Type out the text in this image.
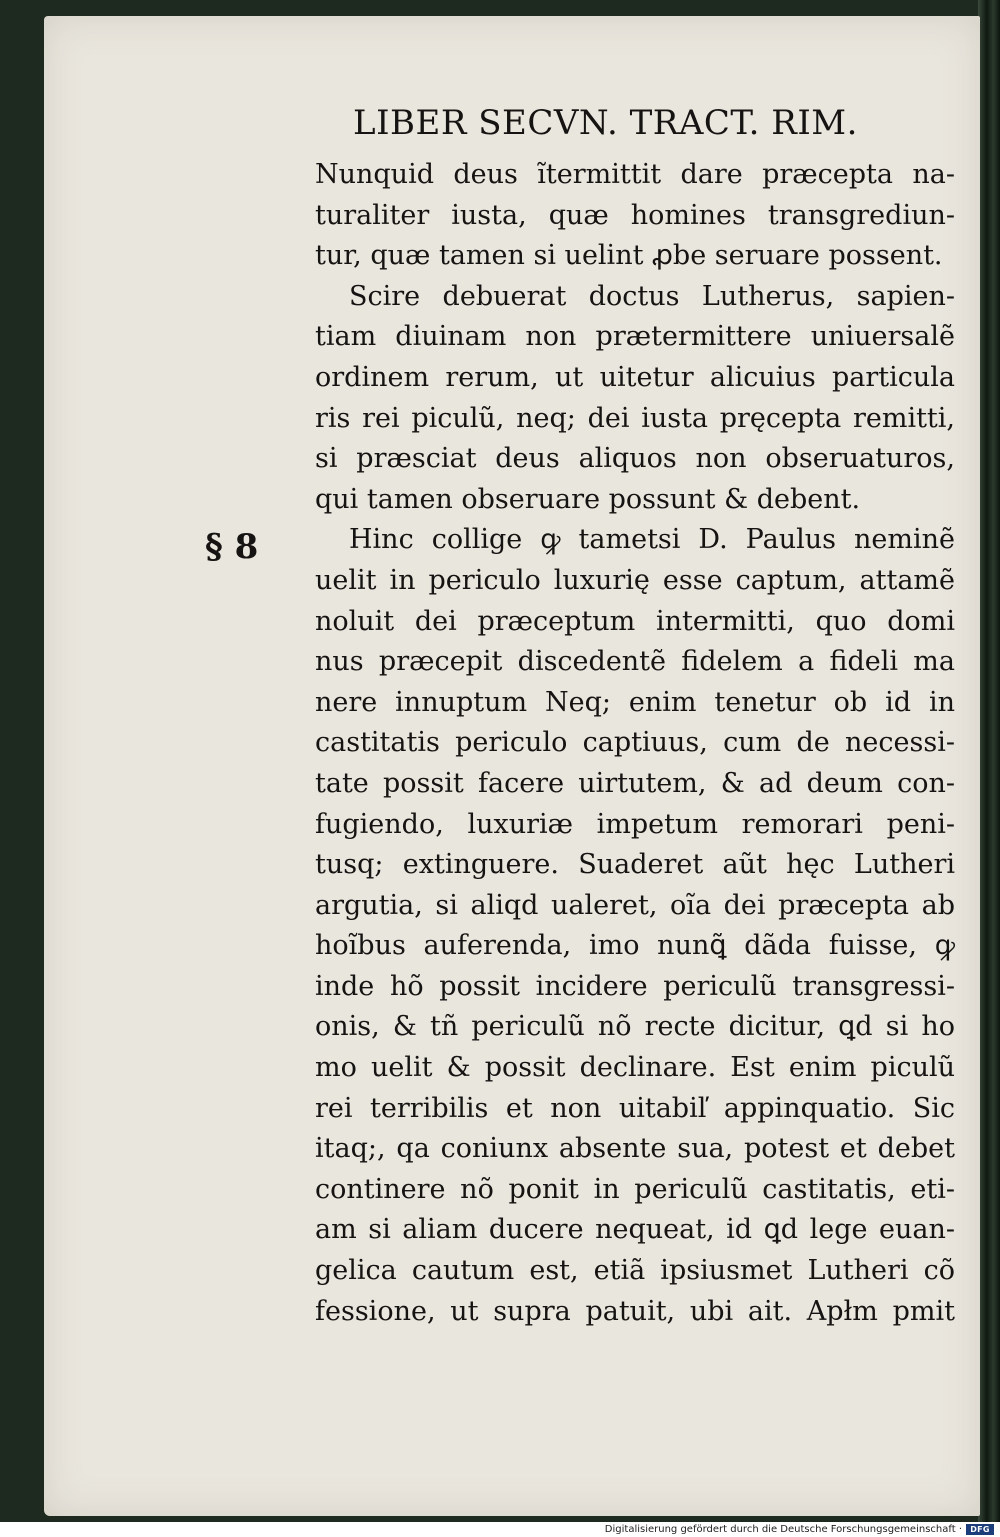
LIBER SECVN. TRACT. RIM.
§ 8
Nunquid deus ĩtermittit dare præcepta na-
turaliter iusta, quæ homines transgrediun-
tur, quæ tamen si uelint ꝓbe seruare possent.
Scire debuerat doctus Lutherus, sapien-
tiam diuinam non prætermittere uniuersalẽ
ordinem rerum, ut uitetur alicuius particula
ris rei piculũ, neq; dei iusta pręcepta remitti,
si præsciat deus aliquos non obseruaturos,
qui tamen obseruare possunt & debent.
Hinc collige ꝙ tametsi D. Paulus neminẽ
uelit in periculo luxurię esse captum, attamẽ
noluit dei præceptum intermitti, quo domi
nus præcepit discedentẽ fidelem a fideli ma
nere innuptum Neq; enim tenetur ob id in
castitatis periculo captiuus, cum de necessi-
tate possit facere uirtutem, & ad deum con-
fugiendo, luxuriæ impetum remorari peni-
tusq; extinguere. Suaderet aũt hęc Lutheri
argutia, si aliqd ualeret, oĩa dei præcepta ab
hoĩbus auferenda, imo nunꝗ̃ dãda fuisse, ꝙ
inde hõ possit incidere periculũ transgressi-
onis, & tñ periculũ nõ recte dicitur, ꝗd si ho
mo uelit & possit declinare. Est enim piculũ
rei terribilis et non uitabiľ appinquatio. Sic
itaq;, qa coniunx absente sua, potest et debet
continere nõ ponit in periculũ castitatis, eti-
am si aliam ducere nequeat, id ꝗd lege euan-
gelica cautum est, etiã ipsiusmet Lutheri cõ
fessione, ut supra patuit, ubi ait. Apłm pmit
Digitalisierung gefördert durch die Deutsche Forschungsgemeinschaft ·	DFG
